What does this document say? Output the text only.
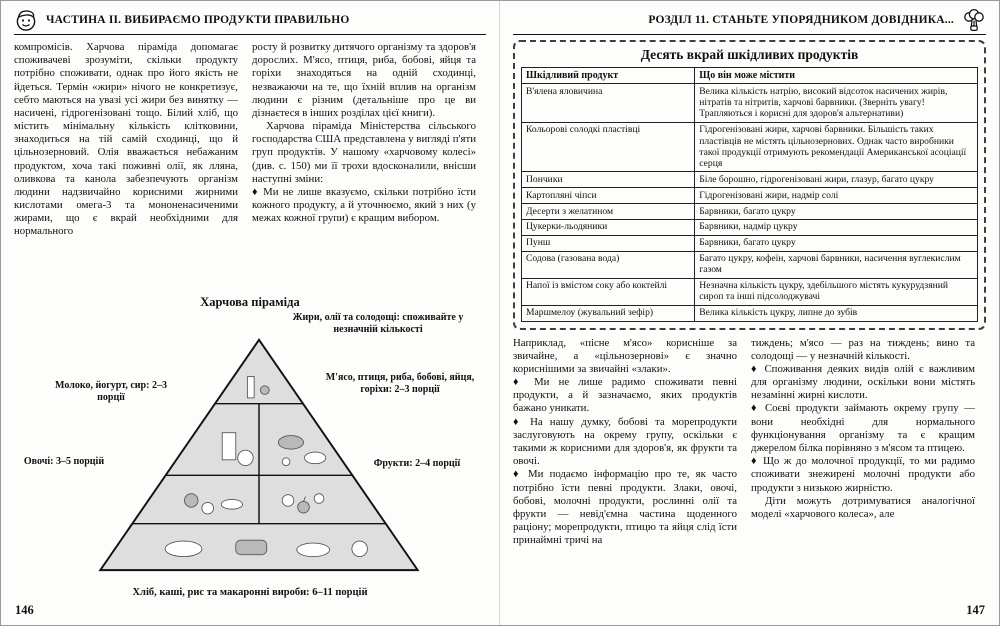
ЧАСТИНА II. ВИБИРАЄМО ПРОДУКТИ ПРАВИЛЬНО

компромісів. Харчова піраміда допомагає споживачеві зрозуміти, скільки продукту потрібно споживати, однак про його якість не йдеться. Термін «жири» нічого не конкретизує, себто маються на увазі усі жири без винятку — насичені, гідрогенізовані тощо. Білий хліб, що містить мінімальну кількість клітковини, знаходиться на тій самій сходинці, що й цільнозерновий. Олія вважається небажаним продуктом, хоча такі поживні олії, як лляна, оливкова та канола забезпечують організм людини надзвичайно корисними жирними кислотами омега-3 та мононенасиченими жирами, що є вкрай необхідними для нормального

росту й розвитку дитячого організму та здоров'я дорослих. М'ясо, птиця, риба, бобові, яйця та горіхи знаходяться на одній сходинці, незважаючи на те, що їхній вплив на організм людини є різним (детальніше про це ви дізнаєтеся в інших розділах цієї книги).

Харчова піраміда Міністерства сільського господарства США представлена у вигляді п'яти груп продуктів. У нашому «харчовому колесі» (див. с. 150) ми її трохи вдосконалили, внісши наступні зміни:

♦ Ми не лише вказуємо, скільки потрібно їсти кожного продукту, а й уточнюємо, який з них (у межах кожної групи) є кращим вибором.

Харчова піраміда
Жири, олії та солодощі: споживайте у незначній кількості
Молоко, йогурт, сир: 2–3 порції
М'ясо, птиця, риба, бобові, яйця, горіхи: 2–3 порції
Овочі: 3–5 порцій	Фрукти: 2–4 порції
Хліб, каші, рис та макаронні вироби: 6–11 порцій
146
РОЗДІЛ 11. СТАНЬТЕ УПОРЯДНИКОМ ДОВІДНИКА...
Десять вкрай шкідливих продуктів
Шкідливий продукт	Що він може містити
В'ялена яловичина	Велика кількість натрію, високий відсоток насичених жирів, нітратів та нітритів, харчові барвники. (Зверніть увагу! Трапляються і корисні для здоров'я альтернативи)
Кольорові солодкі пластівці	Гідрогенізовані жири, харчові барвники. Більшість таких пластівців не містять цільнозернових. Однак часто виробники такої продукції отримують рекомендації Американської асоціації серця
Пончики	Біле борошно, гідрогенізовані жири, глазур, багато цукру
Картопляні чіпси	Гідрогенізовані жири, надмір солі
Десерти з желатином	Барвники, багато цукру
Цукерки-льодяники	Барвники, надмір цукру
Пунш	Барвники, багато цукру
Содова (газована вода)	Багато цукру, кофеїн, харчові барвники, насичення вуглекислим газом
Напої із вмістом соку або коктейлі	Незначна кількість цукру, здебільшого містять кукурудзяний сироп та інші підсолоджувачі
Маршмелоу (жувальний зефір)	Велика кількість цукру, липне до зубів

Наприклад, «пісне м'ясо» корисніше за звичайне, а «цільнозернові» є значно кориснішими за звичайні «злаки».

♦ Ми не лише радимо споживати певні продукти, а й зазначаємо, яких продуктів бажано уникати.

♦ На нашу думку, бобові та морепродукти заслуговують на окрему групу, оскільки є такими ж корисними для здоров'я, як фрукти та овочі.

♦ Ми подаємо інформацію про те, як часто потрібно їсти певні продукти. Злаки, овочі, бобові, молочні продукти, рослинні олії та фрукти — невід'ємна частина щоденного раціону; морепродукти, птицю та яйця слід їсти принаймні тричі на

тиждень; м'ясо — раз на тиждень; вино та солодощі — у незначній кількості.

♦ Споживання деяких видів олій є важливим для організму людини, оскільки вони містять незамінні жирні кислоти.

♦ Соєві продукти займають окрему групу — вони необхідні для нормального функціонування організму та є кращим джерелом білка порівняно з м'ясом та птицею.

♦ Що ж до молочної продукції, то ми радимо споживати знежирені молочні продукти або продукти з низькою жирністю.

Діти можуть дотримуватися аналогічної моделі «харчового колеса», але

147
